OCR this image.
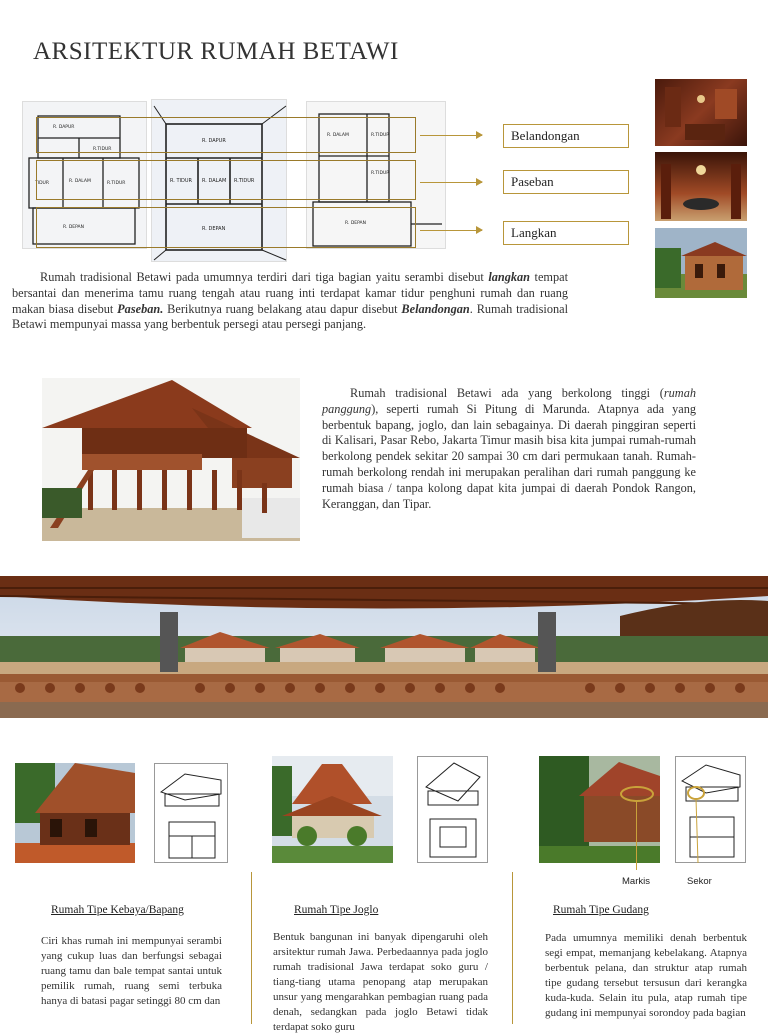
ARSITEKTUR RUMAH BETAWI
R. DAPUR
R.TIDUR
R. DALAM
TIDUR	R.TIDUR
R. DEPAN
R. DAPUR
R. DALAM R.TIDUR
R. TIDUR
R. DEPAN
R. DALAM	R.TIDUR
R.TIDUR
R. DEPAN
Belandongan
Paseban
Langkan
Rumah tradisional Betawi pada umumnya terdiri dari tiga bagian yaitu serambi disebut langkan tempat bersantai dan menerima tamu ruang tengah atau ruang inti terdapat kamar tidur penghuni rumah dan ruang makan biasa disebut Paseban. Berikutnya ruang belakang atau dapur disebut Belandongan. Rumah tradisional Betawi mempunyai massa yang berbentuk persegi atau persegi panjang.
Rumah tradisional Betawi ada yang berkolong tinggi (rumah panggung), seperti rumah Si Pitung di Marunda. Atapnya ada yang berbentuk bapang, joglo, dan lain sebagainya. Di daerah pinggiran seperti di Kalisari, Pasar Rebo, Jakarta Timur masih bisa kita jumpai rumah-rumah berkolong pendek sekitar 20 sampai 30 cm dari permukaan tanah. Rumah-rumah berkolong rendah ini merupakan peralihan dari rumah panggung ke rumah biasa / tanpa kolong dapat kita jumpai di daerah Pondok Rangon, Keranggan, dan Tipar.
Markis	Sekor
Rumah Tipe Kebaya/Bapang	Rumah Tipe Joglo	Rumah Tipe Gudang
Ciri khas rumah ini mempunyai serambi yang cukup luas dan berfungsi sebagai ruang tamu dan bale tempat santai untuk pemilik rumah, ruang semi terbuka hanya di batasi pagar setinggi 80 cm dan
Bentuk bangunan ini banyak dipengaruhi oleh arsitektur rumah Jawa. Perbedaannya pada joglo rumah tradisional Jawa terdapat soko guru / tiang-tiang utama penopang atap merupakan unsur yang mengarahkan pembagian ruang pada denah, sedangkan pada joglo Betawi tidak terdapat soko guru
Pada umumnya memiliki denah berbentuk segi empat, memanjang kebelakang. Atapnya berbentuk pelana, dan struktur atap rumah tipe gudang tersebut tersusun dari kerangka kuda-kuda. Selain itu pula, atap rumah tipe gudang ini mempunyai sorondoy pada bagian
